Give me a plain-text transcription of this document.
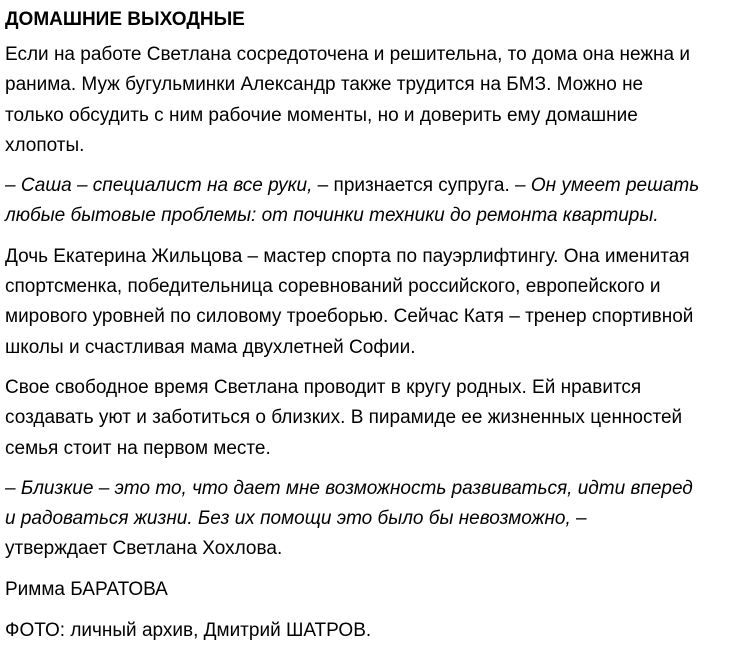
ДОМАШНИЕ ВЫХОДНЫЕ
Если на работе Светлана сосредоточена и решительна, то дома она нежна и
ранима. Муж бугульминки Александр также трудится на БМЗ. Можно не
только обсудить с ним рабочие моменты, но и доверить ему домашние
хлопоты.
– Саша – специалист на все руки, – признается супруга. – Он умеет решать
любые бытовые проблемы: от починки техники до ремонта квартиры.
Дочь Екатерина Жильцова – мастер спорта по пауэрлифтингу. Она именитая
спортсменка, победительница соревнований российского, европейского и
мирового уровней по силовому троеборью. Сейчас Катя – тренер спортивной
школы и счастливая мама двухлетней Софии.
Свое свободное время Светлана проводит в кругу родных. Ей нравится
создавать уют и заботиться о близких. В пирамиде ее жизненных ценностей
семья стоит на первом месте.
– Близкие – это то, что дает мне возможность развиваться, идти вперед
и радоваться жизни. Без их помощи это было бы невозможно, –
утверждает Светлана Хохлова.
Римма БАРАТОВА
ФОТО: личный архив, Дмитрий ШАТРОВ.
